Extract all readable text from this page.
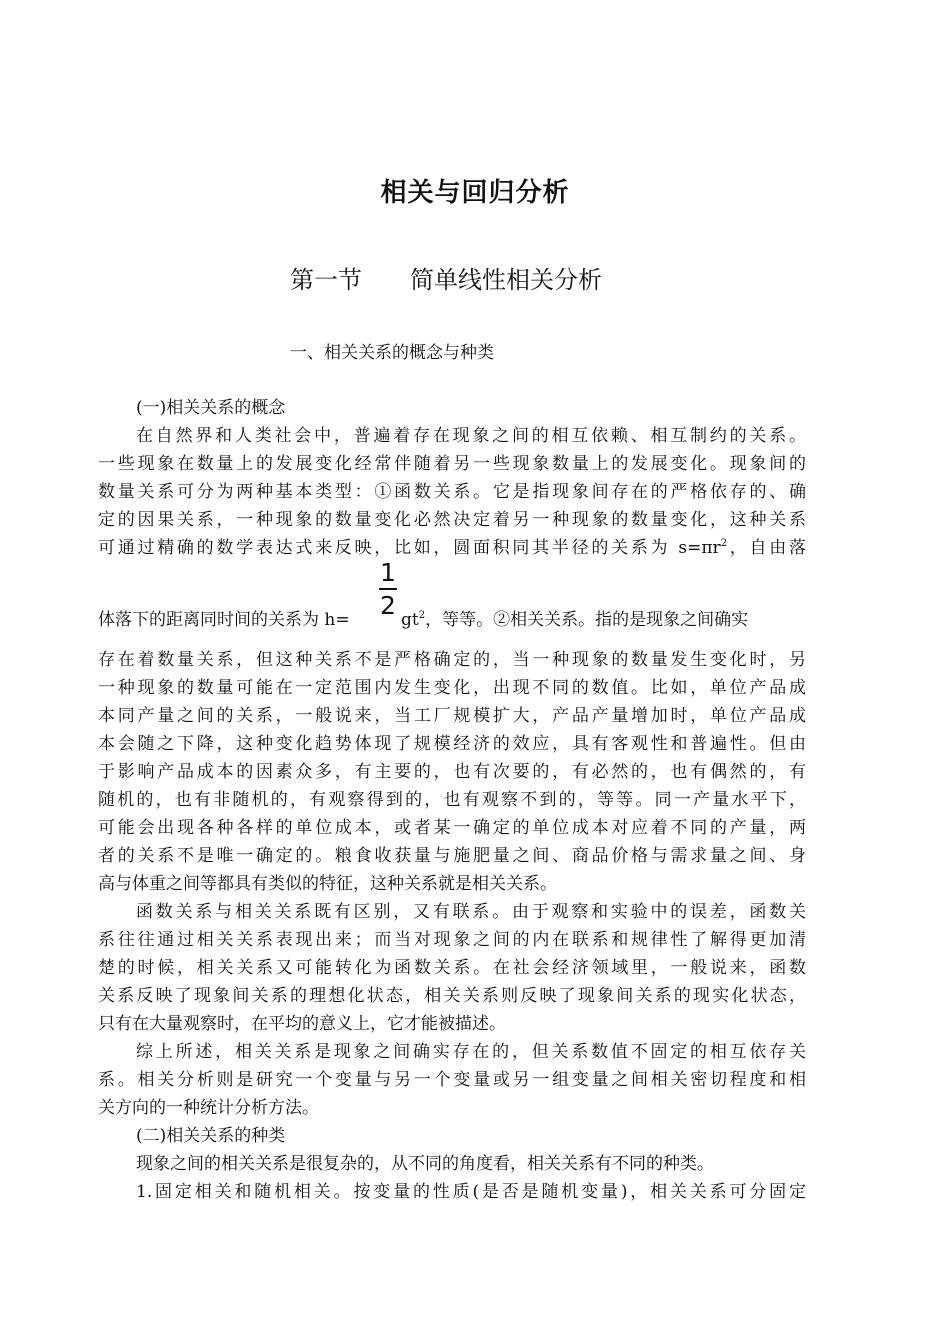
相关与回归分析
第一节　　简单线性相关分析
一、相关关系的概念与种类
(一)相关关系的概念
在自然界和人类社会中，普遍着存在现象之间的相互依赖、相互制约的关系。
一些现象在数量上的发展变化经常伴随着另一些现象数量上的发展变化。现象间的
数量关系可分为两种基本类型：①函数关系。它是指现象间存在的严格依存的、确
定的因果关系，一种现象的数量变化必然决定着另一种现象的数量变化，这种关系
可通过精确的数学表达式来反映，比如，圆面积同其半径的关系为 $s=\pi r^2$，自由落
体落下的距离同时间的关系为 h=
1
2
$gt^2$，等等。②相关关系。指的是现象之间确实
存在着数量关系，但这种关系不是严格确定的，当一种现象的数量发生变化时，另
一种现象的数量可能在一定范围内发生变化，出现不同的数值。比如，单位产品成
本同产量之间的关系，一般说来，当工厂规模扩大，产品产量增加时，单位产品成
本会随之下降，这种变化趋势体现了规模经济的效应，具有客观性和普遍性。但由
于影响产品成本的因素众多，有主要的，也有次要的，有必然的，也有偶然的，有
随机的，也有非随机的，有观察得到的，也有观察不到的，等等。同一产量水平下，
可能会出现各种各样的单位成本，或者某一确定的单位成本对应着不同的产量，两
者的关系不是唯一确定的。粮食收获量与施肥量之间、商品价格与需求量之间、身
高与体重之间等都具有类似的特征，这种关系就是相关关系。
函数关系与相关关系既有区别，又有联系。由于观察和实验中的误差，函数关
系往往通过相关关系表现出来；而当对现象之间的内在联系和规律性了解得更加清
楚的时候，相关关系又可能转化为函数关系。在社会经济领域里，一般说来，函数
关系反映了现象间关系的理想化状态，相关关系则反映了现象间关系的现实化状态，
只有在大量观察时，在平均的意义上，它才能被描述。
综上所述，相关关系是现象之间确实存在的，但关系数值不固定的相互依存关
系。相关分析则是研究一个变量与另一个变量或另一组变量之间相关密切程度和相
关方向的一种统计分析方法。
(二)相关关系的种类
现象之间的相关关系是很复杂的，从不同的角度看，相关关系有不同的种类。
1.固定相关和随机相关。按变量的性质(是否是随机变量)，相关关系可分固定
